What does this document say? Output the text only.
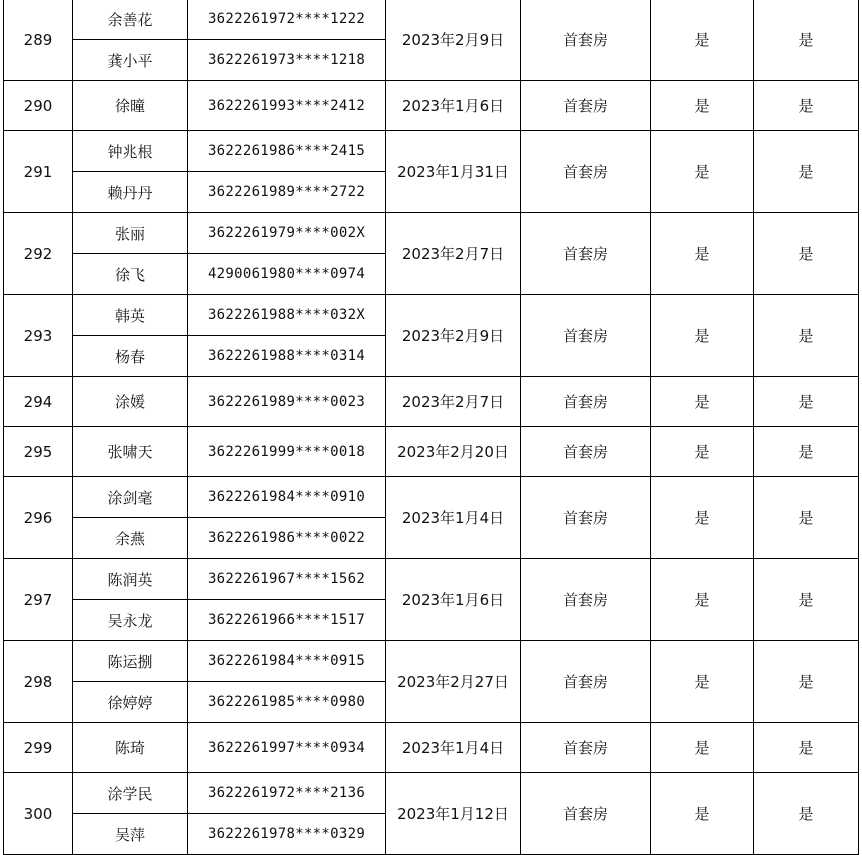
289	余善花	3622261972****1222	2023年2月9日	首套房	是	是
	龚小平	3622261973****1218				
290	徐曈	3622261993****2412	2023年1月6日	首套房	是	是
291	钟兆根	3622261986****2415	2023年1月31日	首套房	是	是
	赖丹丹	3622261989****2722				
292	张丽	3622261979****002X	2023年2月7日	首套房	是	是
	徐飞	4290061980****0974				
293	韩英	3622261988****032X	2023年2月9日	首套房	是	是
	杨春	3622261988****0314				
294	涂媛	3622261989****0023	2023年2月7日	首套房	是	是
295	张啸天	3622261999****0018	2023年2月20日	首套房	是	是
296	涂剑毫	3622261984****0910	2023年1月4日	首套房	是	是
	余燕	3622261986****0022				
297	陈润英	3622261967****1562	2023年1月6日	首套房	是	是
	吴永龙	3622261966****1517				
298	陈运捌	3622261984****0915	2023年2月27日	首套房	是	是
	徐婷婷	3622261985****0980				
299	陈琦	3622261997****0934	2023年1月4日	首套房	是	是
300	涂学民	3622261972****2136	2023年1月12日	首套房	是	是
	吴萍	3622261978****0329				
